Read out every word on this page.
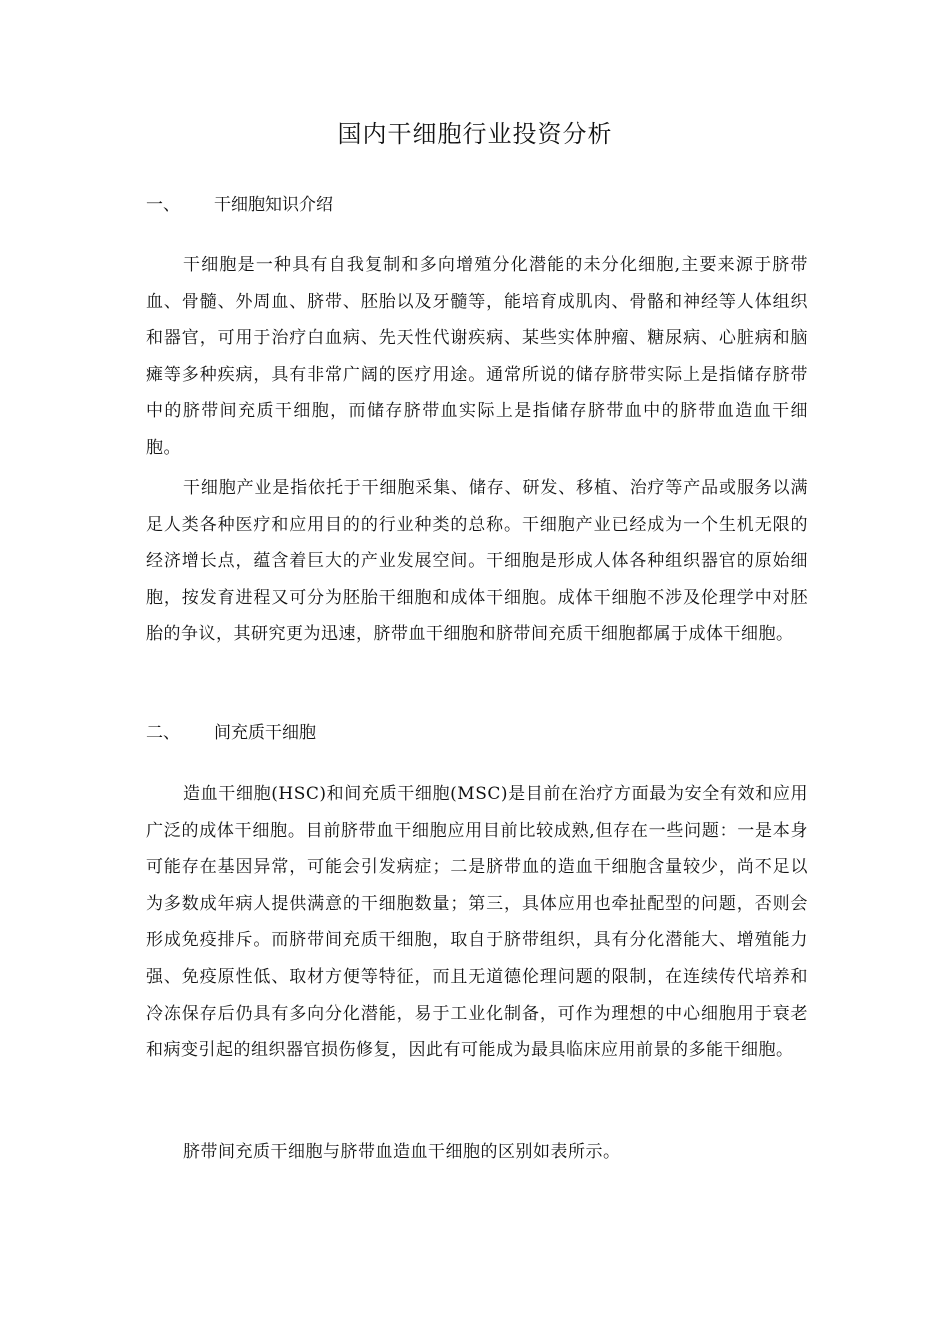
国内干细胞行业投资分析
一、 干细胞知识介绍

干细胞是一种具有自我复制和多向增殖分化潜能的未分化细胞,主要来源于脐带血、骨髓、外周血、脐带、胚胎以及牙髓等，能培育成肌肉、骨骼和神经等人体组织和器官，可用于治疗白血病、先天性代谢疾病、某些实体肿瘤、糖尿病、心脏病和脑瘫等多种疾病，具有非常广阔的医疗用途。通常所说的储存脐带实际上是指储存脐带中的脐带间充质干细胞，而储存脐带血实际上是指储存脐带血中的脐带血造血干细胞。

干细胞产业是指依托于干细胞采集、储存、研发、移植、治疗等产品或服务以满足人类各种医疗和应用目的的行业种类的总称。干细胞产业已经成为一个生机无限的经济增长点，蕴含着巨大的产业发展空间。干细胞是形成人体各种组织器官的原始细胞，按发育进程又可分为胚胎干细胞和成体干细胞。成体干细胞不涉及伦理学中对胚胎的争议，其研究更为迅速，脐带血干细胞和脐带间充质干细胞都属于成体干细胞。

二、 间充质干细胞

造血干细胞(HSC)和间充质干细胞(MSC)是目前在治疗方面最为安全有效和应用广泛的成体干细胞。目前脐带血干细胞应用目前比较成熟,但存在一些问题：一是本身可能存在基因异常，可能会引发病症；二是脐带血的造血干细胞含量较少，尚不足以为多数成年病人提供满意的干细胞数量；第三，具体应用也牵扯配型的问题，否则会形成免疫排斥。而脐带间充质干细胞，取自于脐带组织，具有分化潜能大、增殖能力强、免疫原性低、取材方便等特征，而且无道德伦理问题的限制，在连续传代培养和冷冻保存后仍具有多向分化潜能，易于工业化制备，可作为理想的中心细胞用于衰老和病变引起的组织器官损伤修复，因此有可能成为最具临床应用前景的多能干细胞。

脐带间充质干细胞与脐带血造血干细胞的区别如表所示。
